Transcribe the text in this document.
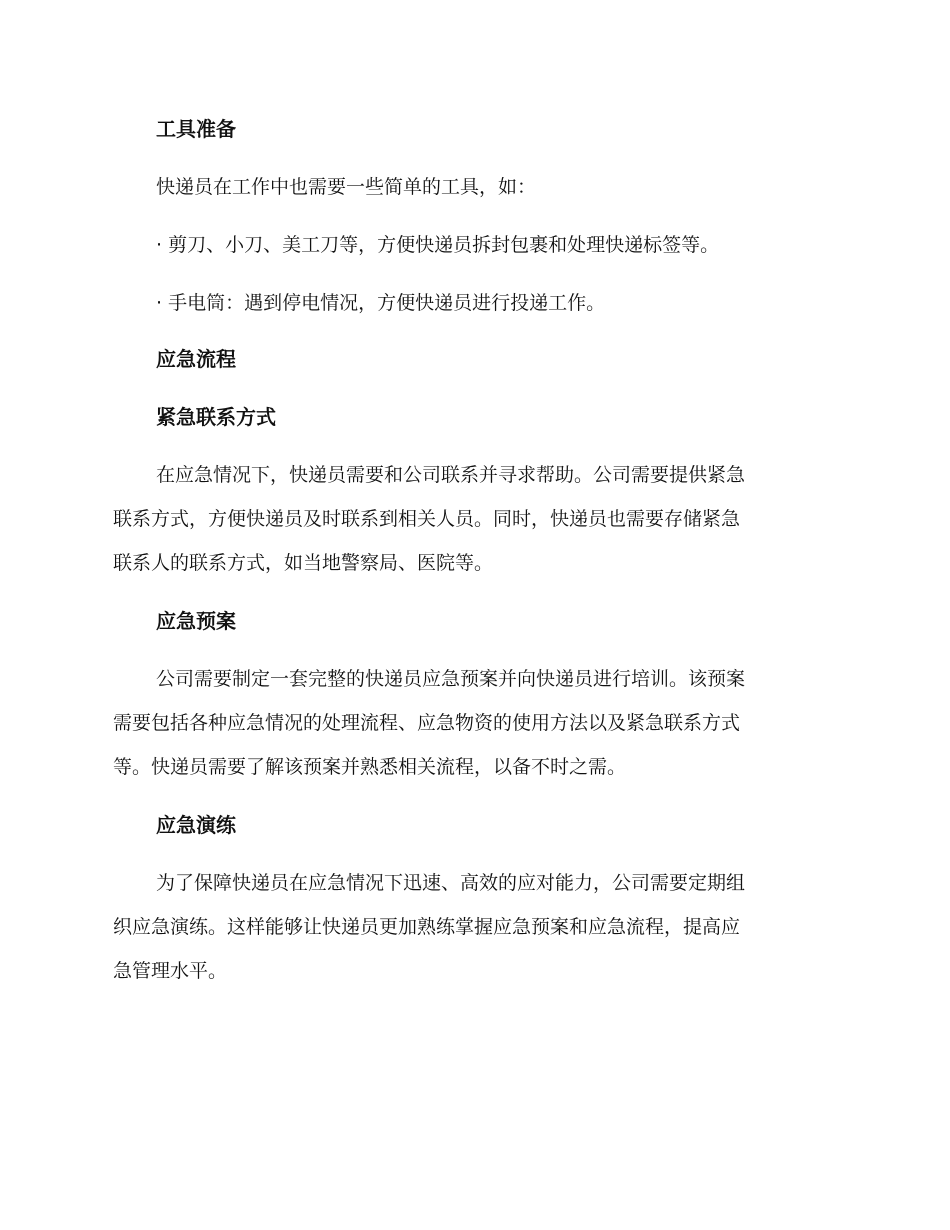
工具准备

快递员在工作中也需要一些简单的工具，如：

· 剪刀、小刀、美工刀等，方便快递员拆封包裹和处理快递标签等。

· 手电筒：遇到停电情况，方便快递员进行投递工作。

应急流程
紧急联系方式

在应急情况下，快递员需要和公司联系并寻求帮助。公司需要提供紧急

联系方式，方便快递员及时联系到相关人员。同时，快递员也需要存储紧急

联系人的联系方式，如当地警察局、医院等。

应急预案

公司需要制定一套完整的快递员应急预案并向快递员进行培训。该预案

需要包括各种应急情况的处理流程、应急物资的使用方法以及紧急联系方式

等。快递员需要了解该预案并熟悉相关流程，以备不时之需。

应急演练

为了保障快递员在应急情况下迅速、高效的应对能力，公司需要定期组

织应急演练。这样能够让快递员更加熟练掌握应急预案和应急流程，提高应

急管理水平。
